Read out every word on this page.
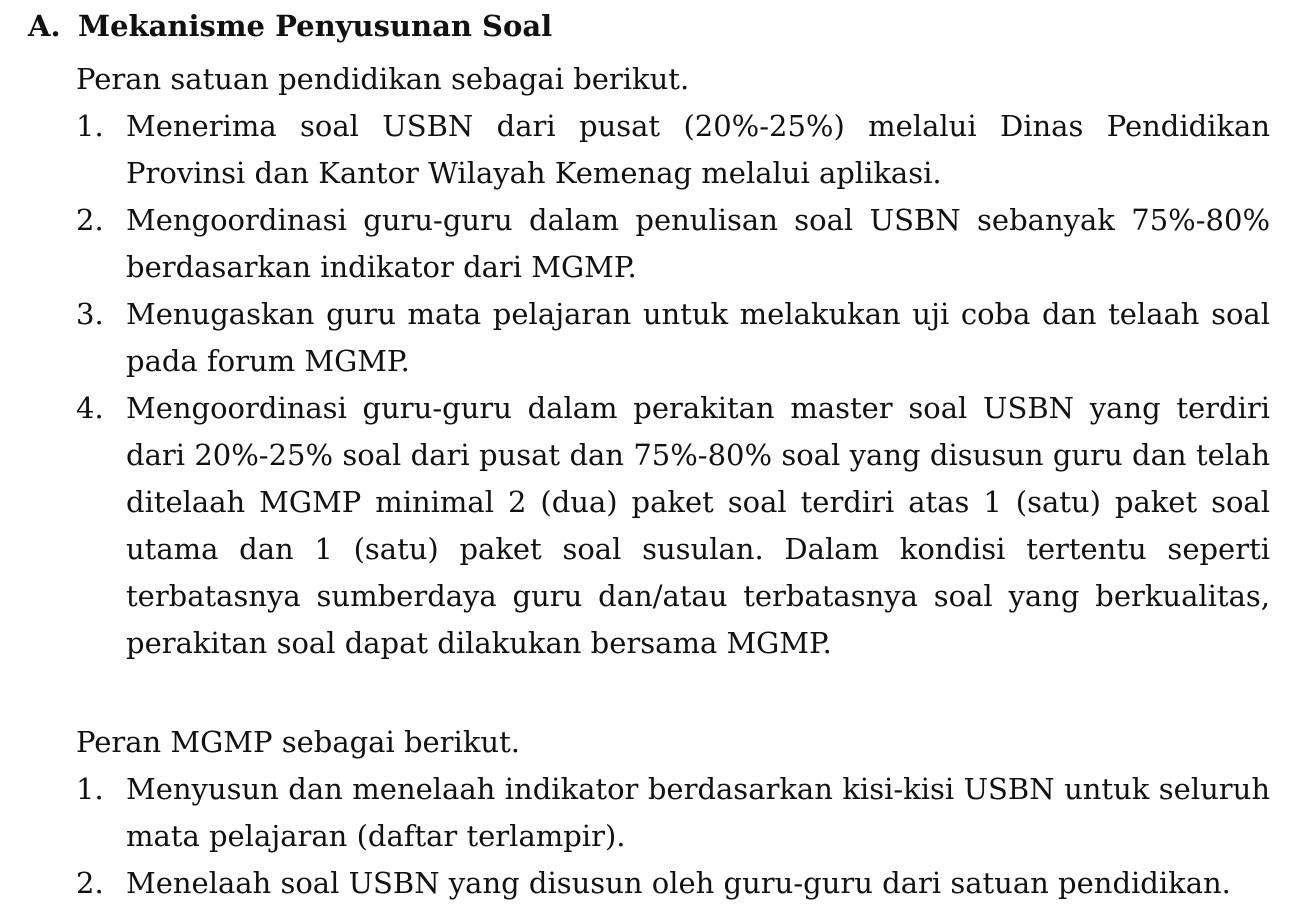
A. Mekanisme Penyusunan Soal

Peran satuan pendidikan sebagai berikut.

1. Menerima soal USBN dari pusat (20%-25%) melalui Dinas Pendidikan Provinsi dan Kantor Wilayah Kemenag melalui aplikasi.
2. Mengoordinasi guru-guru dalam penulisan soal USBN sebanyak 75%-80% berdasarkan indikator dari MGMP.
3. Menugaskan guru mata pelajaran untuk melakukan uji coba dan telaah soal pada forum MGMP.
4. Mengoordinasi guru-guru dalam perakitan master soal USBN yang terdiri dari 20%-25% soal dari pusat dan 75%-80% soal yang disusun guru dan telah ditelaah MGMP minimal 2 (dua) paket soal terdiri atas 1 (satu) paket soal utama dan 1 (satu) paket soal susulan. Dalam kondisi tertentu seperti terbatasnya sumberdaya guru dan/atau terbatasnya soal yang berkualitas, perakitan soal dapat dilakukan bersama MGMP.

Peran MGMP sebagai berikut.

1. Menyusun dan menelaah indikator berdasarkan kisi-kisi USBN untuk seluruh mata pelajaran (daftar terlampir).
2. Menelaah soal USBN yang disusun oleh guru-guru dari satuan pendidikan.
